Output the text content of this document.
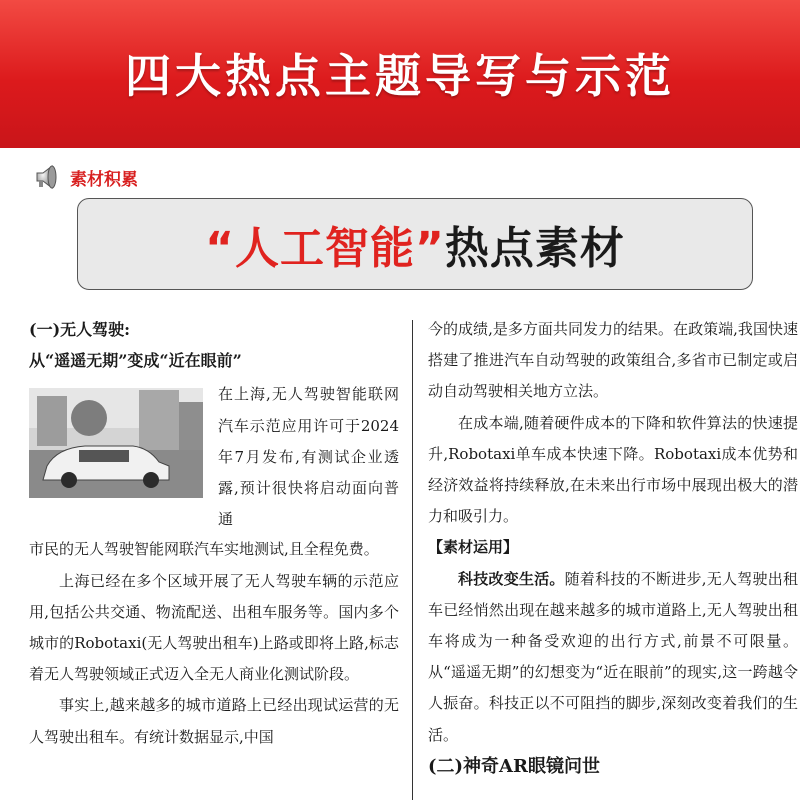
四大热点主题导写与示范
素材积累
“人工智能”热点素材

(一)无人驾驶:

从“遥遥无期”变成“近在眼前”

在上海,无人驾驶智能联网汽车示范应用许可于2024年7月发布,有测试企业透露,预计很快将启动面向普通

市民的无人驾驶智能网联汽车实地测试,且全程免费。

上海已经在多个区域开展了无人驾驶车辆的示范应用,包括公共交通、物流配送、出租车服务等。国内多个城市的Robotaxi(无人驾驶出租车)上路或即将上路,标志着无人驾驶领域正式迈入全无人商业化测试阶段。

事实上,越来越多的城市道路上已经出现试运营的无人驾驶出租车。有统计数据显示,中国

今的成绩,是多方面共同发力的结果。在政策端,我国快速搭建了推进汽车自动驾驶的政策组合,多省市已制定或启动自动驾驶相关地方立法。

在成本端,随着硬件成本的下降和软件算法的快速提升,Robotaxi单车成本快速下降。Robotaxi成本优势和经济效益将持续释放,在未来出行市场中展现出极大的潜力和吸引力。

【素材运用】

科技改变生活。随着科技的不断进步,无人驾驶出租车已经悄然出现在越来越多的城市道路上,无人驾驶出租车将成为一种备受欢迎的出行方式,前景不可限量。从“遥遥无期”的幻想变为“近在眼前”的现实,这一跨越令人振奋。科技正以不可阻挡的脚步,深刻改变着我们的生活。

(二)神奇AR眼镜问世
